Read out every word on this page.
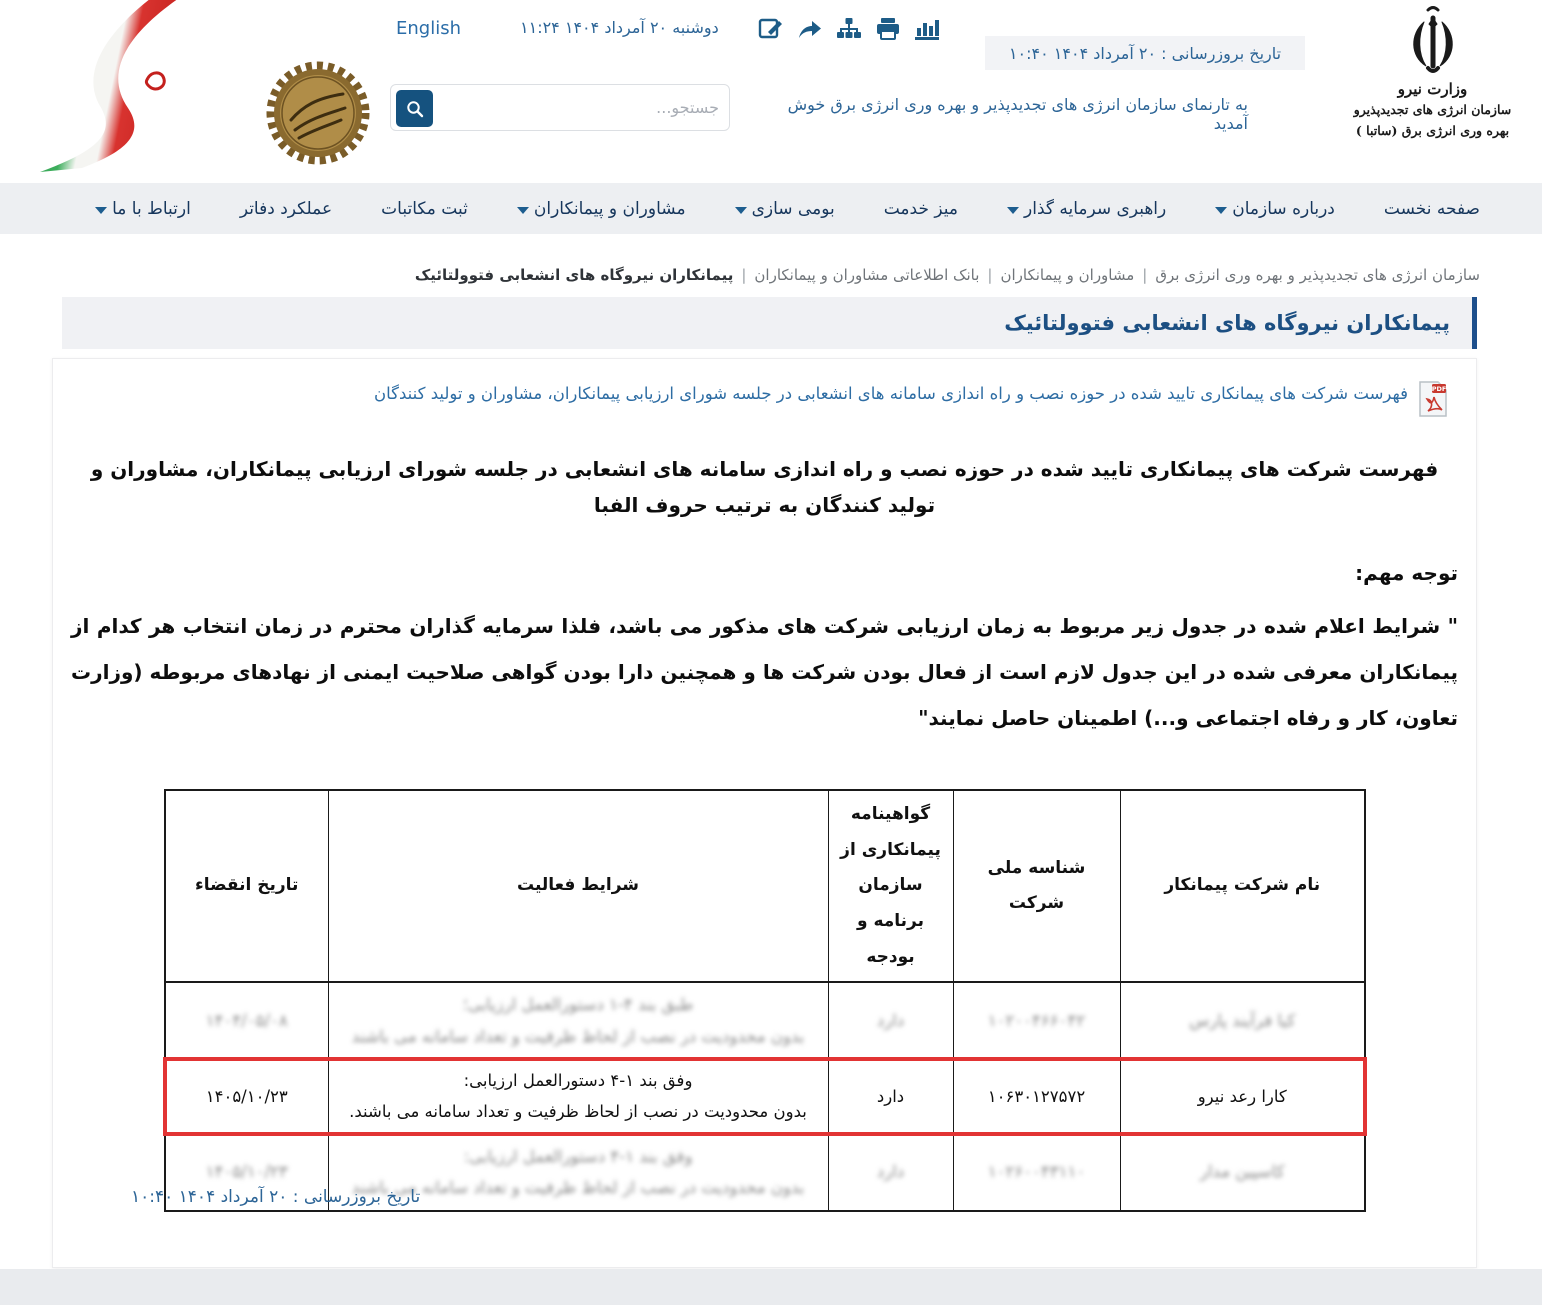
English	دوشنبه ۲۰ آمرداد ۱۴۰۴ ۱۱:۲۴
جستجو...
تاریخ بروزرسانی : ۲۰ آمرداد ۱۴۰۴ ۱۰:۴۰
به تارنمای سازمان انرژی های تجدیدپذیر و بهره وری انرژی برق خوش آمدید
وزارت نیرو
سازمان انرژی های تجدیدپذیرو
بهره وری انرژی برق (ساتبا )
صفحه نخست
درباره سازمان
راهبری سرمایه گذار
میز خدمت
بومی سازی
مشاوران و پیمانکاران
ثبت مکاتبات
عملکرد دفاتر
ارتباط با ما
سازمان انرژی های تجدیدپذیر و بهره وری انرژی برق
|
مشاوران و پیمانکاران
|
بانک اطلاعاتی مشاوران و پیمانکاران
|
پیمانکاران نیروگاه های انشعابی فتوولتائیک
پیمانکاران نیروگاه های انشعابی فتوولتائیک
PDF
فهرست شرکت های پیمانکاری تایید شده در حوزه نصب و راه اندازی سامانه های انشعابی در جلسه شورای ارزیابی پیمانکاران، مشاوران و تولید کنندگان
فهرست شرکت های پیمانکاری تایید شده در حوزه نصب و راه اندازی سامانه های انشعابی در جلسه شورای ارزیابی پیمانکاران، مشاوران و تولید کنندگان به ترتیب حروف الفبا
توجه مهم:
" شرایط اعلام شده در جدول زیر مربوط به زمان ارزیابی شرکت های مذکور می باشد، فلذا سرمایه گذاران محترم در زمان انتخاب هر کدام از پیمانکاران معرفی شده در این جدول لازم است از فعال بودن شرکت ها و همچنین دارا بودن گواهی صلاحیت ایمنی از نهادهای مربوطه (وزارت تعاون، کار و رفاه اجتماعی و...) اطمینان حاصل نمایند"
نام شرکت پیمانکار	شناسه ملی شرکت	گواهینامه پیمانکاری از سازمان برنامه و بودجه	شرایط فعالیت	تاریخ انقضاء
کیا فرآیند پارس	۱۰۲۰۰۴۶۶۰۴۲	دارد	طبق بند ۴-۱ دستورالعمل ارزیابی؛
بدون محدودیت در نصب از لحاظ ظرفیت و تعداد سامانه می باشند	۱۴۰۴/۰۵/۰۸
کارا رعد نیرو	۱۰۶۳۰۱۲۷۵۷۲	دارد	وفق بند ۱-۴ دستورالعمل ارزیابی:
بدون محدودیت در نصب از لحاظ ظرفیت و تعداد سامانه می باشند.	۱۴۰۵/۱۰/۲۳
کاسپین مدار	۱۰۲۶۰۰۴۳۱۱۰	دارد	وفق بند ۱-۴ دستورالعمل ارزیابی:
بدون محدودیت در نصب از لحاظ ظرفیت و تعداد سامانه می باشند	۱۴۰۵/۱۰/۲۳
تاریخ بروزرسانی : ۲۰ آمرداد ۱۴۰۴ ۱۰:۴۰
